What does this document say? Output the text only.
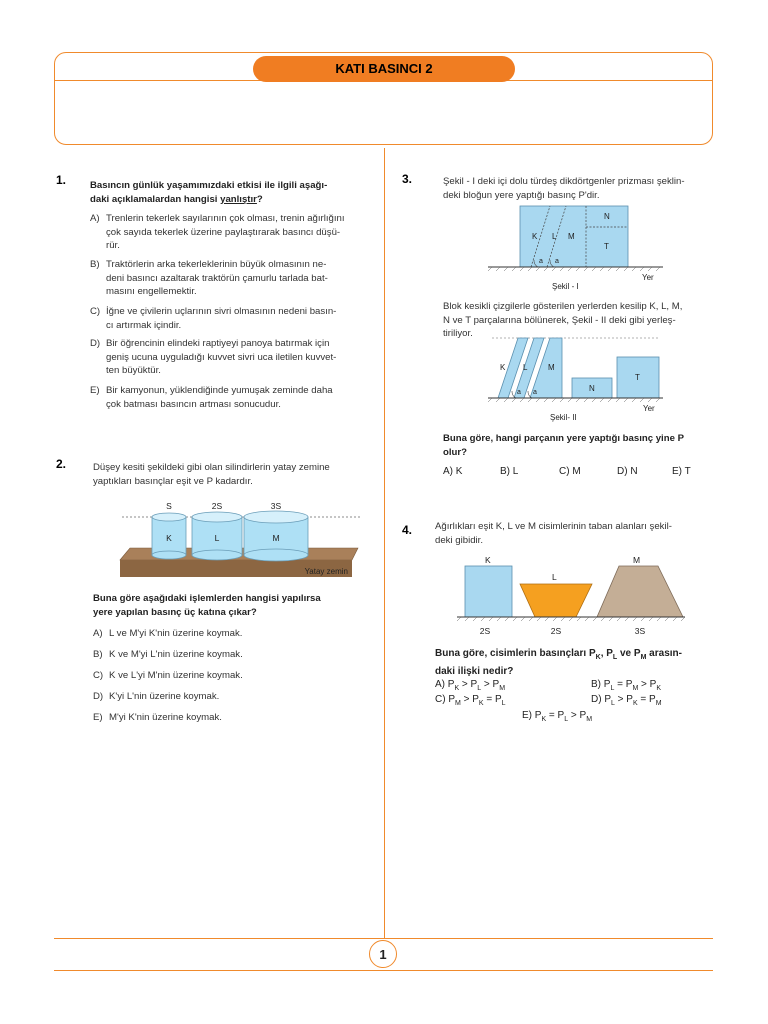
KATI BASINCI 2
1. Basıncın günlük yaşamımızdaki etkisi ile ilgili aşağı-
daki açıklamalardan hangisi yanlıştır?
A) Trenlerin tekerlek sayılarının çok olması, trenin ağırlığını
çok sayıda tekerlek üzerine paylaştırarak basıncı düşü-
rür.
B) Traktörlerin arka tekerleklerinin büyük olmasının ne-
deni basıncı azaltarak traktörün çamurlu tarlada bat-
masını engellemektir.
C) İğne ve çivilerin uçlarının sivri olmasının nedeni basın-
cı artırmak içindir.
D) Bir öğrencinin elindeki raptiyeyi panoya batırmak için
geniş ucuna uyguladığı kuvvet sivri uca iletilen kuvvet-
ten büyüktür.
E) Bir kamyonun, yüklendiğinde yumuşak zeminde daha
çok batması basıncın artması sonucudur.
2.	Düşey kesiti şekildeki gibi olan silindirlerin yatay zemine
yaptıkları basınçlar eşit ve P kadardır.
S	2S	3S
K	L	M
Yatay zemin
Buna göre aşağıdaki işlemlerden hangisi yapılırsa
yere yapılan basınç üç katına çıkar?
A) L ve M'yi K'nin üzerine koymak.
B) K ve M'yi L'nin üzerine koymak.
C) K ve L'yi M'nin üzerine koymak.
D) K'yi L'nin üzerine koymak.
E) M'yi K'nin üzerine koymak.
3.	Şekil - I deki içi dolu türdeş dikdörtgenler prizması şeklin-
deki bloğun yere yaptığı basınç P'dir.
K L M
N
T
a a
Yer
Şekil - I
Blok kesikli çizgilerle gösterilen yerlerden kesilip K, L, M,
N ve T parçalarına bölünerek, Şekil - II deki gibi yerleş-
tiriliyor.
K L	M
N
T
a a
Yer
Şekil- II
Buna göre, hangi parçanın yere yaptığı basınç yine P
olur?
A) K	B) L	C) M	D) N	E) T
4. Ağırlıkları eşit K, L ve M cisimlerinin taban alanları şekil-
deki gibidir.
K
L
M
2S	2S	3S
Buna göre, cisimlerin basınçları $P_K$, $P_L$ ve $P_M$ arasın-
daki ilişki nedir?
A) $P_K > P_L > P_M$	B) $P_L = P_M > P_K$
C) $P_M > P_K = P_L$	D) $P_L > P_K = P_M$
E) $P_K = P_L > P_M$
1
